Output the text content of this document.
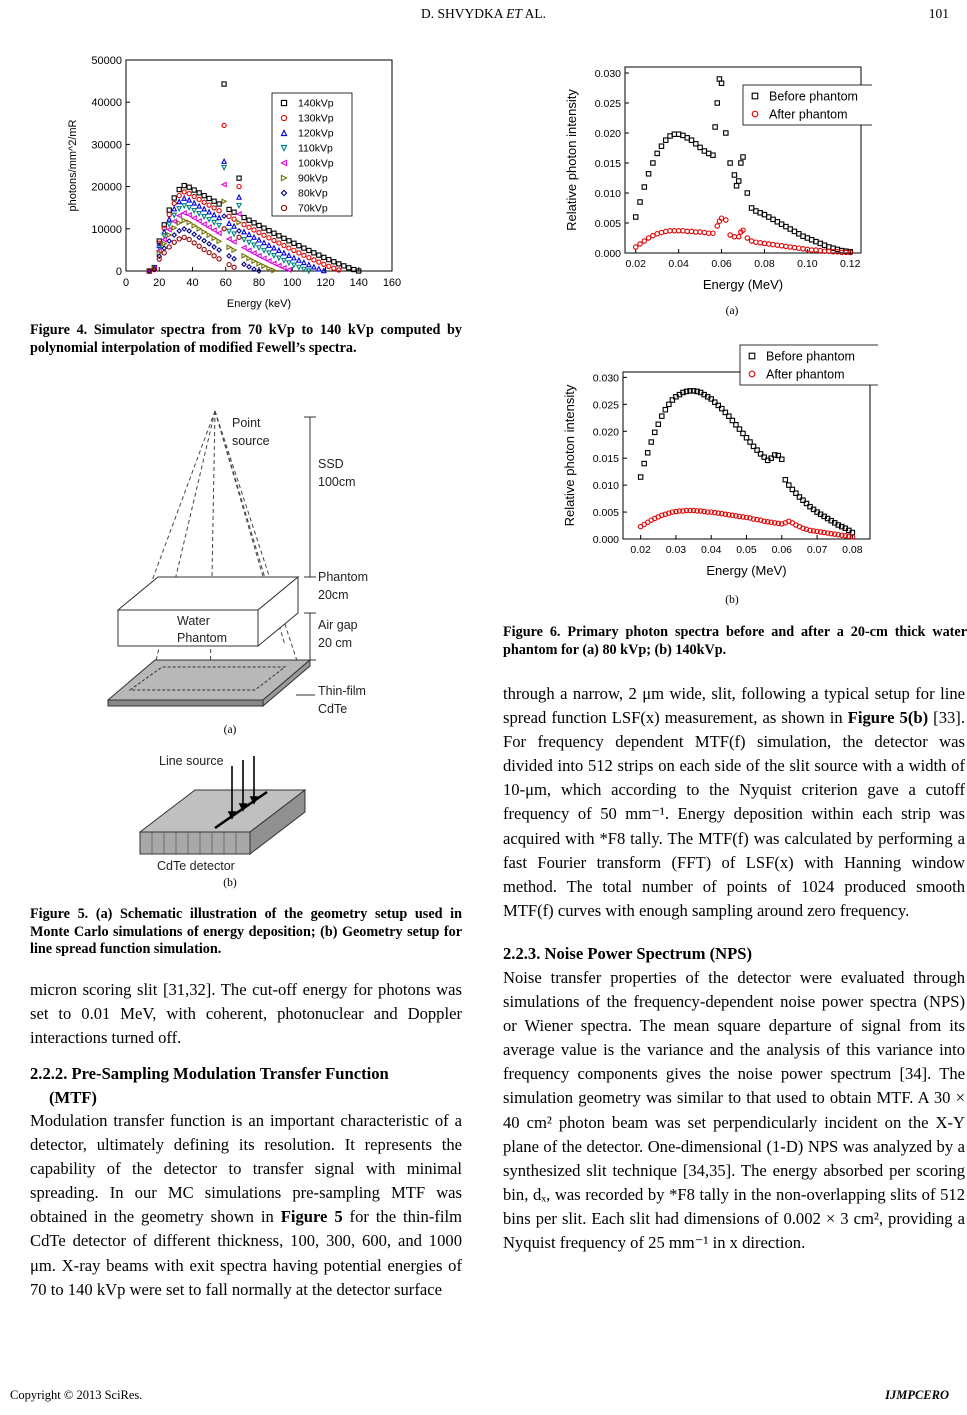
D. SHVYDKA ET AL.	101
0 20 40 60 80 100 120 140 160
0
10000
20000
30000
40000
50000
Energy (keV)
photons/mm^2/mR
140kVp
130kVp
120kVp
110kVp
100kVp
90kVp
80kVp
70kVp
Figure 4. Simulator spectra from 70 kVp to 140 kVp computed by polynomial interpolation of modified Fewell’s spectra.
Point
source
SSD
100cm
Phantom
20cm
Water
Phantom
Air gap
20 cm
Thin-film
CdTe
(a)
Line source
CdTe detector
(b)
Figure 5. (a) Schematic illustration of the geometry setup used in Monte Carlo simulations of energy deposition; (b) Geometry setup for line spread function simulation.
micron scoring slit [31,32]. The cut-off energy for photons was set to 0.01 MeV, with coherent, photonuclear and Doppler interactions turned off.
2.2.2. Pre-Sampling Modulation Transfer Function
(MTF)
Modulation transfer function is an important characteristic of a detector, ultimately defining its resolution. It represents the capability of the detector to transfer signal with minimal spreading. In our MC simulations pre-sampling MTF was obtained in the geometry shown in Figure 5 for the thin-film CdTe detector of different thickness, 100, 300, 600, and 1000 μm. X-ray beams with exit spectra having potential energies of 70 to 140 kVp were set to fall normally at the detector surface
0.02 0.04 0.06 0.08 0.10 0.12
0.000
0.005
0.010
0.015
0.020
0.025
0.030
Energy (MeV)
Relative photon intensity	Before phantom
After phantom
(a)
0.02 0.03 0.04 0.05 0.06 0.07 0.08
0.000
0.005
0.010
0.015
0.020
0.025
0.030
Energy (MeV)
Relative photon intensity
Before phantom
After phantom
(b)
Figure 6. Primary photon spectra before and after a 20-cm thick water phantom for (a) 80 kVp; (b) 140kVp.
through a narrow, 2 μm wide, slit, following a typical setup for line spread function LSF(x) measurement, as shown in Figure 5(b) [33]. For frequency dependent MTF(f) simulation, the detector was divided into 512 strips on each side of the slit source with a width of 10-μm, which according to the Nyquist criterion gave a cutoff frequency of 50 mm⁻¹. Energy deposition within each strip was acquired with *F8 tally. The MTF(f) was calculated by performing a fast Fourier transform (FFT) of LSF(x) with Hanning window method. The total number of points of 1024 produced smooth MTF(f) curves with enough sampling around zero frequency.
2.2.3. Noise Power Spectrum (NPS)
Noise transfer properties of the detector were evaluated through simulations of the frequency-dependent noise power spectra (NPS) or Wiener spectra. The mean square departure of signal from its average value is the variance and the analysis of this variance into frequency components gives the noise power spectrum [34]. The simulation geometry was similar to that used to obtain MTF. A 30 × 40 cm² photon beam was set perpendicularly incident on the X-Y plane of the detector. One-dimensional (1-D) NPS was analyzed by a synthesized slit technique [34,35]. The energy absorbed per scoring bin, dₓ, was recorded by *F8 tally in the non-overlapping slits of 512 bins per slit. Each slit had dimensions of 0.002 × 3 cm², providing a Nyquist frequency of 25 mm⁻¹ in x direction.
Copyright © 2013 SciRes.	IJMPCERO
